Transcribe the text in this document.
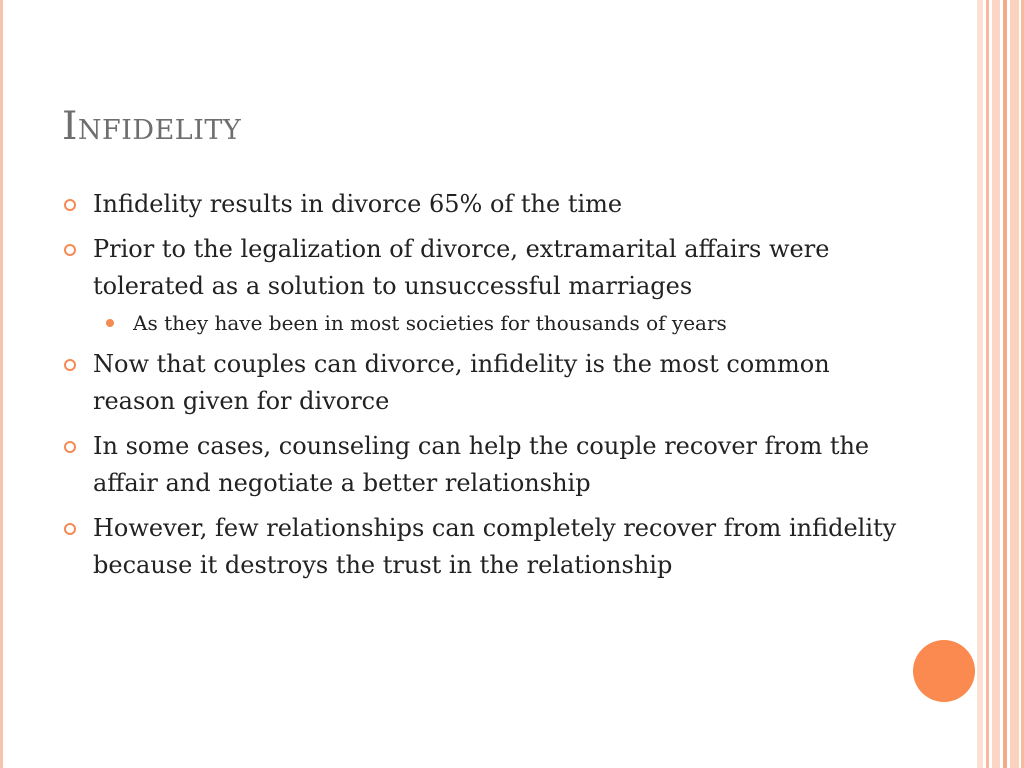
Infidelity
Infidelity results in divorce 65% of the time
Prior to the legalization of divorce, extramarital affairs were tolerated as a solution to unsuccessful marriages
As they have been in most societies for thousands of years
Now that couples can divorce, infidelity is the most common reason given for divorce
In some cases, counseling can help the couple recover from the affair and negotiate a better relationship
However, few relationships can completely recover from infidelity because it destroys the trust in the relationship
